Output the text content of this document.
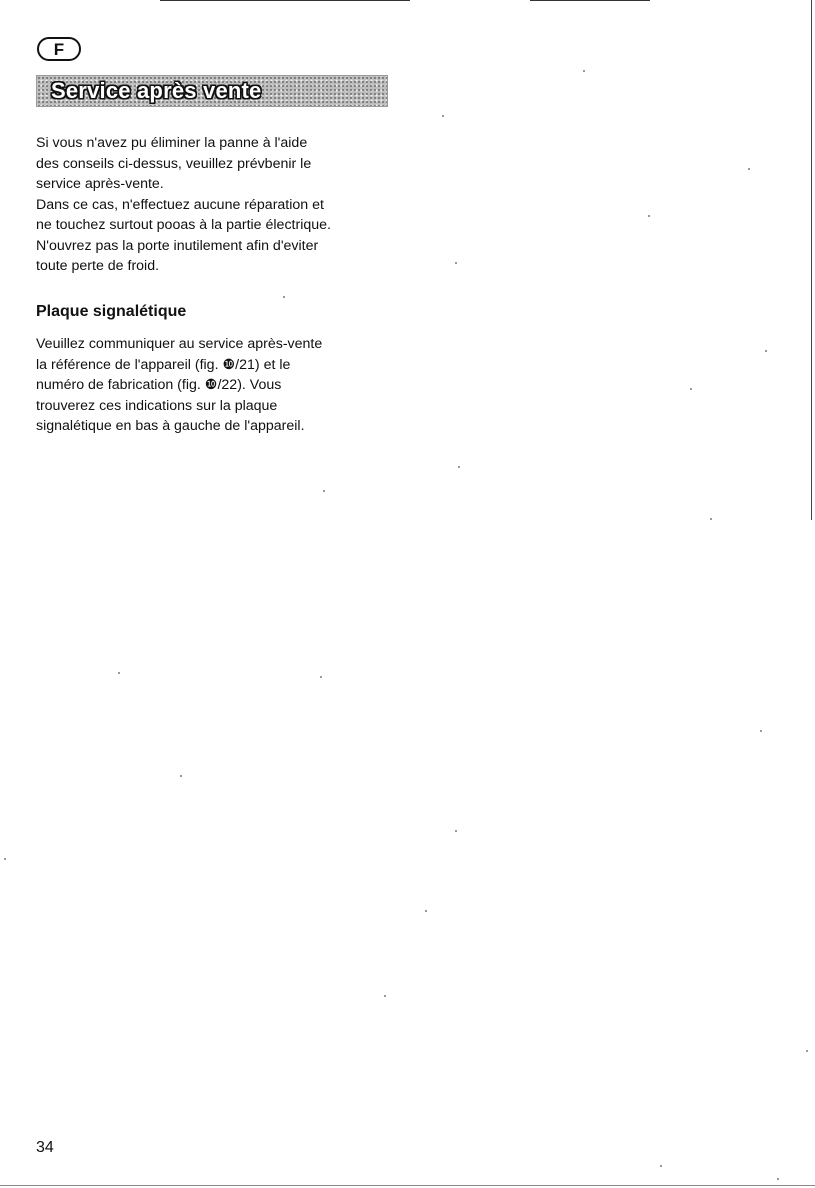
F
Service après vente

Si vous n'avez pu éliminer la panne à l'aide
des conseils ci-dessus, veuillez prévbenir le
service après-vente.
Dans ce cas, n'effectuez aucune réparation et
ne touchez surtout pooas à la partie électrique.
N'ouvrez pas la porte inutilement afin d'eviter
toute perte de froid.

Plaque signalétique

Veuillez communiquer au service après-vente
la référence de l'appareil (fig. ❿/21) et le
numéro de fabrication (fig. ❿/22). Vous
trouverez ces indications sur la plaque
signalétique en bas à gauche de l'appareil.

34
